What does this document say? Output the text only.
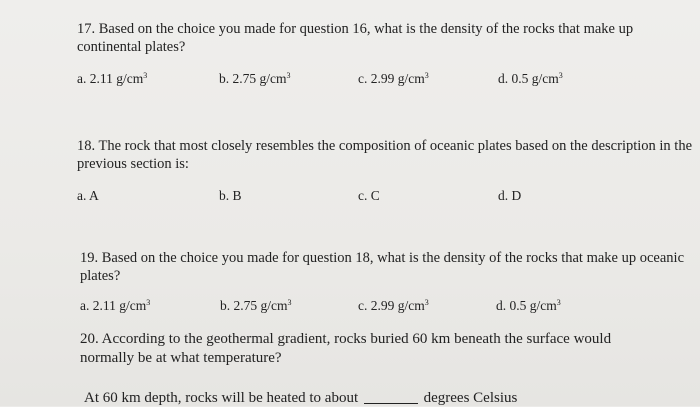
17. Based on the choice you made for question 16, what is the density of the rocks that make up
continental plates?
a. 2.11 $g/cm^3$	b. 2.75 $g/cm^3$	c. 2.99 $g/cm^3$	d. 0.5 $g/cm^3$
18. The rock that most closely resembles the composition of oceanic plates based on the description in the
previous section is:
a. A	b. B	c. C	d. D
19. Based on the choice you made for question 18, what is the density of the rocks that make up oceanic
plates?
a. 2.11 $g/cm^3$	b. 2.75 $g/cm^3$	c. 2.99 $g/cm^3$	d. 0.5 $g/cm^3$
20. According to the geothermal gradient, rocks buried 60 km beneath the surface would
normally be at what temperature?
At 60 km depth, rocks will be heated to about	degrees Celsius
